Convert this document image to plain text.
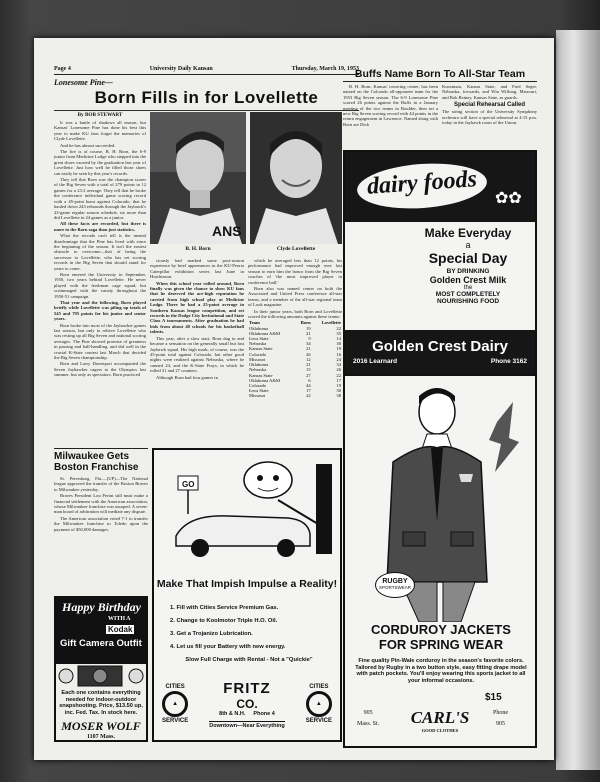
Page 4	University Daily Kansan	Thursday, March 19, 1953
Lonesome Pine—
Born Fills in for Lovellette
By BOB STEWART

It was a battle of shadows all season, but Kansas' Lonesome Pine has done his best this year to make KU fans forget the memories of Clyde Lovellette.

And he has almost succeeded.

The fire is of course, B. H. Born, the 6-9 junior from Medicine Lodge who stepped into the great shoes vacated by the graduation last year of Lovellette. Just how well he filled those shoes can easily be seen by this year's records.

They tell that Born was the champion scorer of the Big Seven with a total of 279 points in 12 games for a 23.3 average. They tell that he broke the conference individual game scoring record with a 45-point burst against Colorado; that he hauled down 243 rebounds through the Jayhawk's 23-game regular season schedule, six more than did Lovellette in 24 games as a junior.

All these facts are recorded, but there is more to the Born saga than just statistics.

What the records can't tell is the mental disadvantage that the Pine has lived with since the beginning of the season. It isn't the easiest obstacle to overcome—that of being the successor to Lovellette, who has set scoring records in the Big Seven that should stand for years to come.

Born entered the University in September, 1950, two years behind Lovellette. He never played with the freshman cage squad, but scrimmaged with the varsity throughout the 1950-51 campaign.

That year and the following, Born played briefly while Lovellette was piling up totals of 545 and 795 points for his junior and senior years.

Born broke into most of the Jayhawker games last season, but only to relieve Lovellette who was resting up all Big Seven and national scoring averages. The Pine showed promise of greatness in passing and ball-handling, and did well in the crucial K-State contest last March that decided the Big Seven championship.

Born and Larry Davenport accompanied the Seven Jayhawker cagers to the Olympics last summer, but only as spectators. Born practiced

ANS
B. H. Born	Clyde Lovellette

ciously had marked some post-season experience by brief appearances in the KU-Peoria Caterpillar exhibition series last June in Hutchinson.

When this school year rolled around, Born finally was given the chance to show KU fans that he deserved the ace-high reputation he carried from high school play at Medicine Lodge. There he had a 25-point average in Southern Kansas league competition, and set records in the Dodge City Invitational and State Class A tournaments. After graduation he had bids from about 40 schools for his basketball talents.

This year, after a slow start, Born dug in and became a sensation on the generally small but fast Jayhawk squad. His high mark, of course, was the 45-point total against Colorado, but other good nights were realized against Nebraska, where he canned 24, and the K-State Frays, in which he rolled 31 and 27 counters.

Although Born had four games in

which he averaged less than 12 points, his performance had improved enough over last season to earn him the honor from the Big Seven coaches of 'the most improved player in conference ball.'

Born also was named center on both the Associated and United Press conference all-star teams, and a member of the all-star regional team of Look magazine.

In their junior years, both Born and Lovellette scored the following amounts against these teams:

Team	Born	Lovellette
Oklahoma	19	22
Oklahoma A&M	21	35
Iowa State	9	14
Nebraska	34	30
Kansas State	21	19
Colorado	26	16
Missouri	12	24
Oklahoma	21	34
Nebraska	15	26
Kansas State	27	22
Oklahoma A&M	6	17
Colorado	44	19
Iowa State	17	30
Missouri	22	38
Buffs Name Born To All-Star Team

B. H. Born, Kansas' towering center, has been named on the Colorado all-opponent team for the 1953 Big Seven season. The 6-9 Lonesome Pine scored 26 points against the Buffs in a January meeting of the two teams in Boulder, then set a new Big Seven scoring record with 44 points in the return engagement in Lawrence. Named along with Born are Dick

Knostman, Kansas State, and Fred Seger, Nebraska, forwards, and Win Wilfong, Missouri, and Bob Reiney, Kansas State, as guards.
Special Rehearsal Called
The string section of the University Symphony orchestra will have a special rehearsal at 4:15 p.m. today in the Jayhawk room of the Union.
dairy foods ✿✿
Make Everyday
a
Special Day
BY DRINKING
Golden Crest Milk
the
MOST COMPLETELY
NOURISHING FOOD
Golden Crest Dairy
2016 Learnard	Phone 3162
RUGBY
SPORTSWEAR
CORDUROY JACKETS
FOR SPRING WEAR
Fine quality Pin-Wale corduroy in the season's favorite colors. Tailored by Rugby in a two button style, easy fitting drape model with patch pockets. You'll enjoy wearing this sports jacket to all your informal occasions.
$15
905
Mass. St.	CARL'S
GOOD CLOTHES
Phone
905
Milwaukee Gets
Boston Franchise

St. Petersburg, Fla.—(UP)—The National league approved the transfer of the Boston Braves to Milwaukee yesterday.

Braves President Lou Perini still must make a financial settlement with the American association, whose Milwaukee franchise was usurped. A seven-man board of arbitration will mediate any dispute.

The American association voted 7-1 to transfer the Milwaukee franchise to Toledo upon the payment of $50,000 damages.

Happy Birthday
WITH A
Kodak
Gift Camera Outfit
Each one contains everything needed for indoor-outdoor snapshooting. Price, $13.50 up, inc. Fed. Tax. In stock here.
MOSER WOLF
1107 Mass.
GO
Make That Impish Impulse a Reality!
1. Fill with Cities Service Premium Gas.
2. Change to Koolmotor Triple H.O. Oil.
3. Get a Trojanizo Lubrication.
4. Let us fill your Battery with new energy.
Slow Full Charge with Rental - Not a "Quickie"
CITIES
▲
SERVICE
FRITZ
CO.
8th & N.H. Phone 4
Downtown—Near Everything
CITIES
▲
SERVICE
